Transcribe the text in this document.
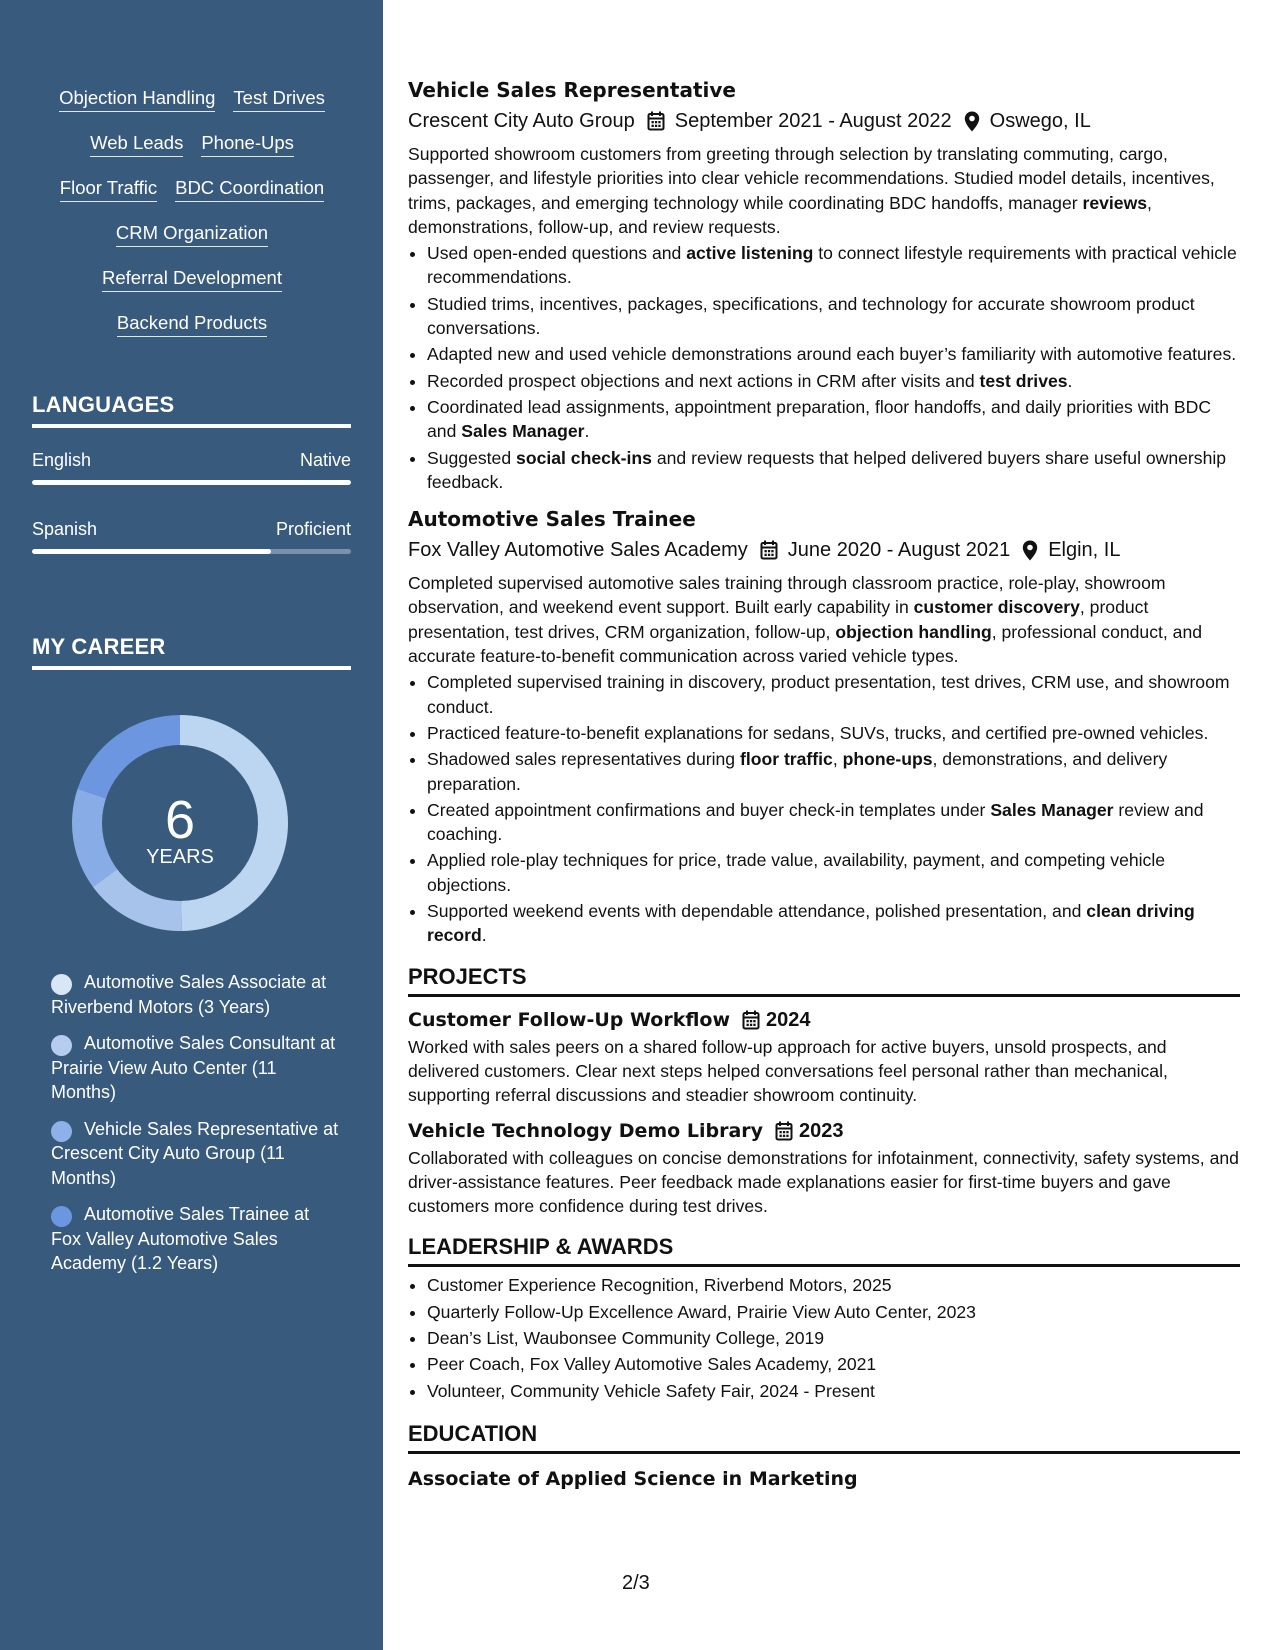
Objection Handling Test Drives
Web Leads Phone-Ups
Floor Traffic BDC Coordination
CRM Organization
Referral Development
Backend Products
LANGUAGES
English	Native
Spanish	Proficient
MY CAREER
6
YEARS
Automotive Sales Associate at Riverbend Motors (3 Years)
Automotive Sales Consultant at Prairie View Auto Center (11 Months)
Vehicle Sales Representative at Crescent City Auto Group (11 Months)
Automotive Sales Trainee at Fox Valley Automotive Sales Academy (1.2 Years)
Vehicle Sales Representative
Crescent City Auto Group September 2021 - August 2022 Oswego, IL
Supported showroom customers from greeting through selection by translating commuting, cargo, passenger, and lifestyle priorities into clear vehicle recommendations. Studied model details, incentives, trims, packages, and emerging technology while coordinating BDC handoffs, manager reviews, demonstrations, follow-up, and review requests.
• Used open-ended questions and active listening to connect lifestyle requirements with practical vehicle recommendations.
• Studied trims, incentives, packages, specifications, and technology for accurate showroom product conversations.
• Adapted new and used vehicle demonstrations around each buyer’s familiarity with automotive features.
• Recorded prospect objections and next actions in CRM after visits and test drives.
• Coordinated lead assignments, appointment preparation, floor handoffs, and daily priorities with BDC and Sales Manager.
• Suggested social check-ins and review requests that helped delivered buyers share useful ownership feedback.
Automotive Sales Trainee
Fox Valley Automotive Sales Academy June 2020 - August 2021 Elgin, IL
Completed supervised automotive sales training through classroom practice, role-play, showroom observation, and weekend event support. Built early capability in customer discovery, product presentation, test drives, CRM organization, follow-up, objection handling, professional conduct, and accurate feature-to-benefit communication across varied vehicle types.
• Completed supervised training in discovery, product presentation, test drives, CRM use, and showroom conduct.
• Practiced feature-to-benefit explanations for sedans, SUVs, trucks, and certified pre-owned vehicles.
• Shadowed sales representatives during floor traffic, phone-ups, demonstrations, and delivery preparation.
• Created appointment confirmations and buyer check-in templates under Sales Manager review and coaching.
• Applied role-play techniques for price, trade value, availability, payment, and competing vehicle objections.
• Supported weekend events with dependable attendance, polished presentation, and clean driving record.
PROJECTS
Customer Follow-Up Workflow 2024
Worked with sales peers on a shared follow-up approach for active buyers, unsold prospects, and delivered customers. Clear next steps helped conversations feel personal rather than mechanical, supporting referral discussions and steadier showroom continuity.
Vehicle Technology Demo Library 2023
Collaborated with colleagues on concise demonstrations for infotainment, connectivity, safety systems, and driver-assistance features. Peer feedback made explanations easier for first-time buyers and gave customers more confidence during test drives.
LEADERSHIP & AWARDS
• Customer Experience Recognition, Riverbend Motors, 2025
• Quarterly Follow-Up Excellence Award, Prairie View Auto Center, 2023
• Dean’s List, Waubonsee Community College, 2019
• Peer Coach, Fox Valley Automotive Sales Academy, 2021
• Volunteer, Community Vehicle Safety Fair, 2024 - Present
EDUCATION
Associate of Applied Science in Marketing
2/3
